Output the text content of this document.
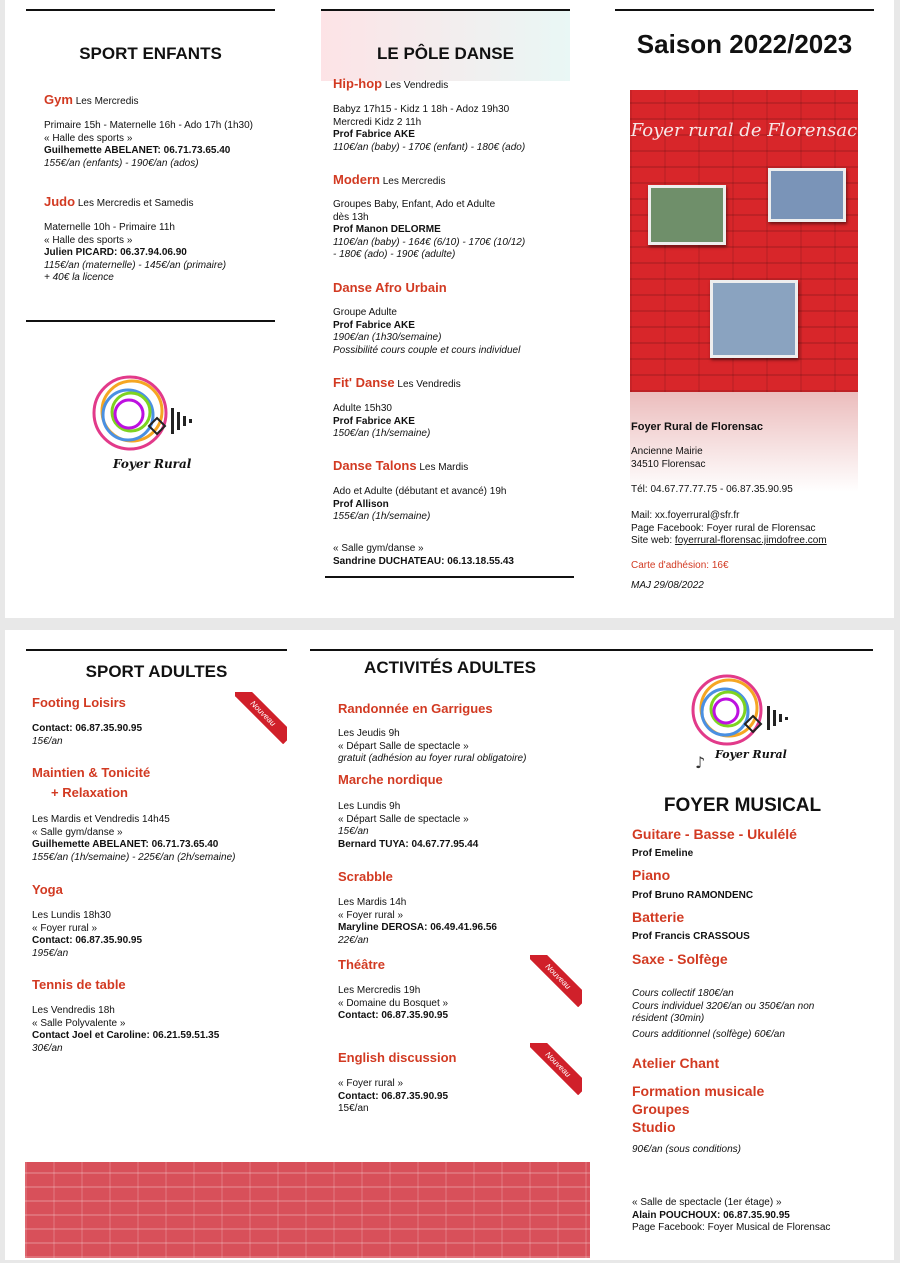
SPORT ENFANTS
Gym Les Mercredis
Primaire 15h - Maternelle 16h - Ado 17h (1h30)
« Halle des sports »
Guilhemette ABELANET: 06.71.73.65.40
155€/an (enfants) - 190€/an (ados)
Judo Les Mercredis et Samedis
Maternelle 10h - Primaire 11h
« Halle des sports »
Julien PICARD: 06.37.94.06.90
115€/an (maternelle) - 145€/an (primaire)
+ 40€ la licence
Foyer Rural
LE PÔLE DANSE
Hip-hop Les Vendredis
Babyz 17h15 - Kidz 1 18h - Adoz 19h30
Mercredi Kidz 2 11h
Prof Fabrice AKE
110€/an (baby) - 170€ (enfant) - 180€ (ado)
Modern Les Mercredis
Groupes Baby, Enfant, Ado et Adulte
dès 13h
Prof Manon DELORME
110€/an (baby) - 164€ (6/10) - 170€ (10/12)
- 180€ (ado) - 190€ (adulte)
Danse Afro Urbain
Groupe Adulte
Prof Fabrice AKE
190€/an (1h30/semaine)
Possibilité cours couple et cours individuel
Fit' Danse Les Vendredis
Adulte 15h30
Prof Fabrice AKE
150€/an (1h/semaine)
Danse Talons Les Mardis
Ado et Adulte (débutant et avancé) 19h
Prof Allison
155€/an (1h/semaine)
« Salle gym/danse »
Sandrine DUCHATEAU: 06.13.18.55.43
Saison 2022/2023
Foyer rural de Florensac
Foyer Rural de Florensac
Ancienne Mairie
34510 Florensac
Tél: 04.67.77.77.75 - 06.87.35.90.95
Mail: xx.foyerrural@sfr.fr
Page Facebook: Foyer rural de Florensac
Site web: foyerrural-florensac.jimdofree.com
Carte d'adhésion: 16€
MAJ 29/08/2022
SPORT ADULTES
Nouveau
Footing Loisirs
Contact: 06.87.35.90.95
15€/an
Maintien & Tonicité
+ Relaxation
Les Mardis et Vendredis 14h45
« Salle gym/danse »
Guilhemette ABELANET: 06.71.73.65.40
155€/an (1h/semaine) - 225€/an (2h/semaine)
Yoga
Les Lundis 18h30
« Foyer rural »
Contact: 06.87.35.90.95
195€/an
Tennis de table
Les Vendredis 18h
« Salle Polyvalente »
Contact Joel et Caroline: 06.21.59.51.35
30€/an
ACTIVITÉS ADULTES
Randonnée en Garrigues
Les Jeudis 9h
« Départ Salle de spectacle »
gratuit (adhésion au foyer rural obligatoire)
Marche nordique
Les Lundis 9h
« Départ Salle de spectacle »
15€/an
Bernard TUYA: 04.67.77.95.44
Scrabble
Les Mardis 14h
« Foyer rural »
Maryline DEROSA: 06.49.41.96.56
22€/an
Théâtre	Nouveau
Les Mercredis 19h
« Domaine du Bosquet »
Contact: 06.87.35.90.95
English discussion	Nouveau
« Foyer rural »
Contact: 06.87.35.90.95
15€/an
♪ Foyer Rural
FOYER MUSICAL
Guitare - Basse - Ukulélé
Prof Emeline
Piano
Prof Bruno RAMONDENC
Batterie
Prof Francis CRASSOUS
Saxe - Solfège
Cours collectif 180€/an
Cours individuel 320€/an ou 350€/an non
résident (30min)
Cours additionnel (solfège) 60€/an
Atelier Chant
Formation musicale
Groupes
Studio
90€/an (sous conditions)
« Salle de spectacle (1er étage) »
Alain POUCHOUX: 06.87.35.90.95
Page Facebook: Foyer Musical de Florensac
